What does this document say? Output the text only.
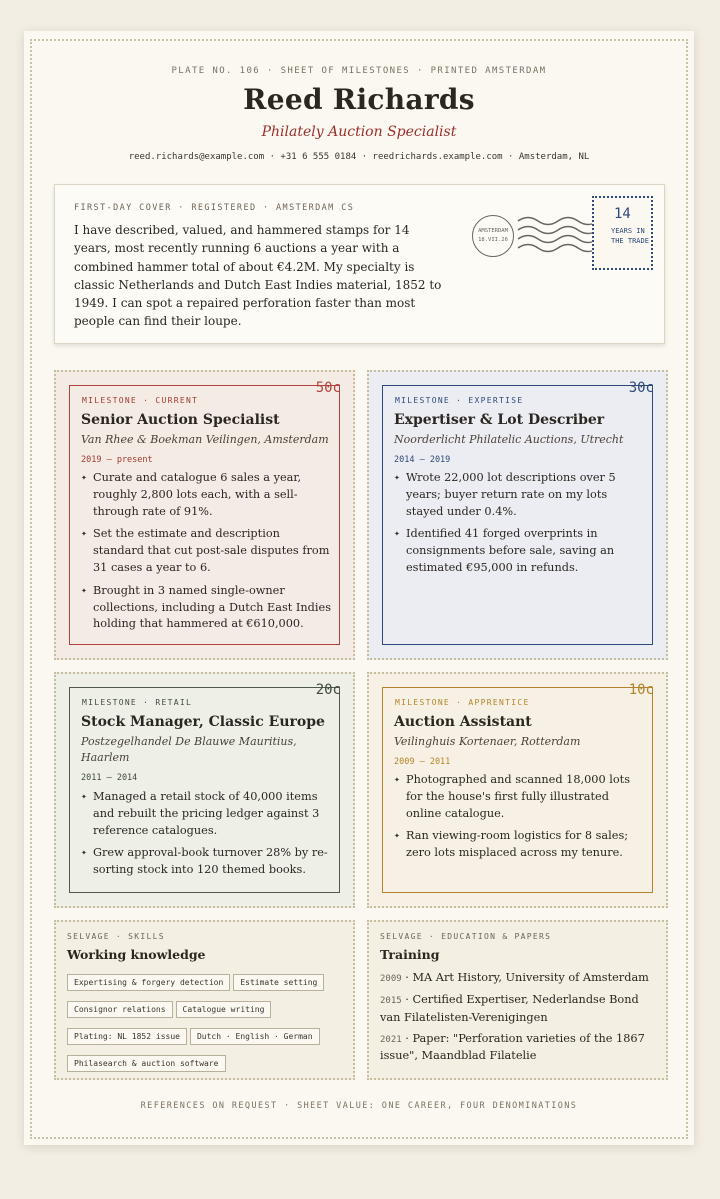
PLATE NO. 106 · SHEET OF MILESTONES · PRINTED AMSTERDAM
Reed Richards
Philately Auction Specialist
reed.richards@example.com · +31 6 555 0184 · reedrichards.example.com · Amsterdam, NL
FIRST-DAY COVER · REGISTERED · AMSTERDAM CS
I have described, valued, and hammered stamps for 14 years, most recently running 6 auctions a year with a combined hammer total of about €4.2M. My specialty is classic Netherlands and Dutch East Indies material, 1852 to 1949. I can spot a repaired perforation faster than most people can find their loupe.
AMSTERDAM
18.VII.26
14
YEARS IN THE TRADE
50c
MILESTONE · CURRENT
Senior Auction Specialist
Van Rhee & Boekman Veilingen, Amsterdam
2019 – present
✦ Curate and catalogue 6 sales a year, roughly 2,800 lots each, with a sell-through rate of 91%.
✦ Set the estimate and description standard that cut post-sale disputes from 31 cases a year to 6.
✦ Brought in 3 named single-owner collections, including a Dutch East Indies holding that hammered at €610,000.
30c
MILESTONE · EXPERTISE
Expertiser & Lot Describer
Noorderlicht Philatelic Auctions, Utrecht
2014 – 2019
✦ Wrote 22,000 lot descriptions over 5 years; buyer return rate on my lots stayed under 0.4%.
✦ Identified 41 forged overprints in consignments before sale, saving an estimated €95,000 in refunds.
20c
MILESTONE · RETAIL
Stock Manager, Classic Europe
Postzegelhandel De Blauwe Mauritius, Haarlem
2011 – 2014
✦ Managed a retail stock of 40,000 items and rebuilt the pricing ledger against 3 reference catalogues.
✦ Grew approval-book turnover 28% by re-sorting stock into 120 themed books.
10c
MILESTONE · APPRENTICE
Auction Assistant
Veilinghuis Kortenaer, Rotterdam
2009 – 2011
✦ Photographed and scanned 18,000 lots for the house's first fully illustrated online catalogue.
✦ Ran viewing-room logistics for 8 sales; zero lots misplaced across my tenure.
SELVAGE · SKILLS
Working knowledge
Expertising & forgery detection Estimate setting
Consignor relations Catalogue writing
Plating: NL 1852 issue Dutch · English · German
Philasearch & auction software
SELVAGE · EDUCATION & PAPERS
Training
2009 · MA Art History, University of Amsterdam
2015 · Certified Expertiser, Nederlandse Bond van Filatelisten-Verenigingen
2021 · Paper: "Perforation varieties of the 1867 issue", Maandblad Filatelie
REFERENCES ON REQUEST · SHEET VALUE: ONE CAREER, FOUR DENOMINATIONS
